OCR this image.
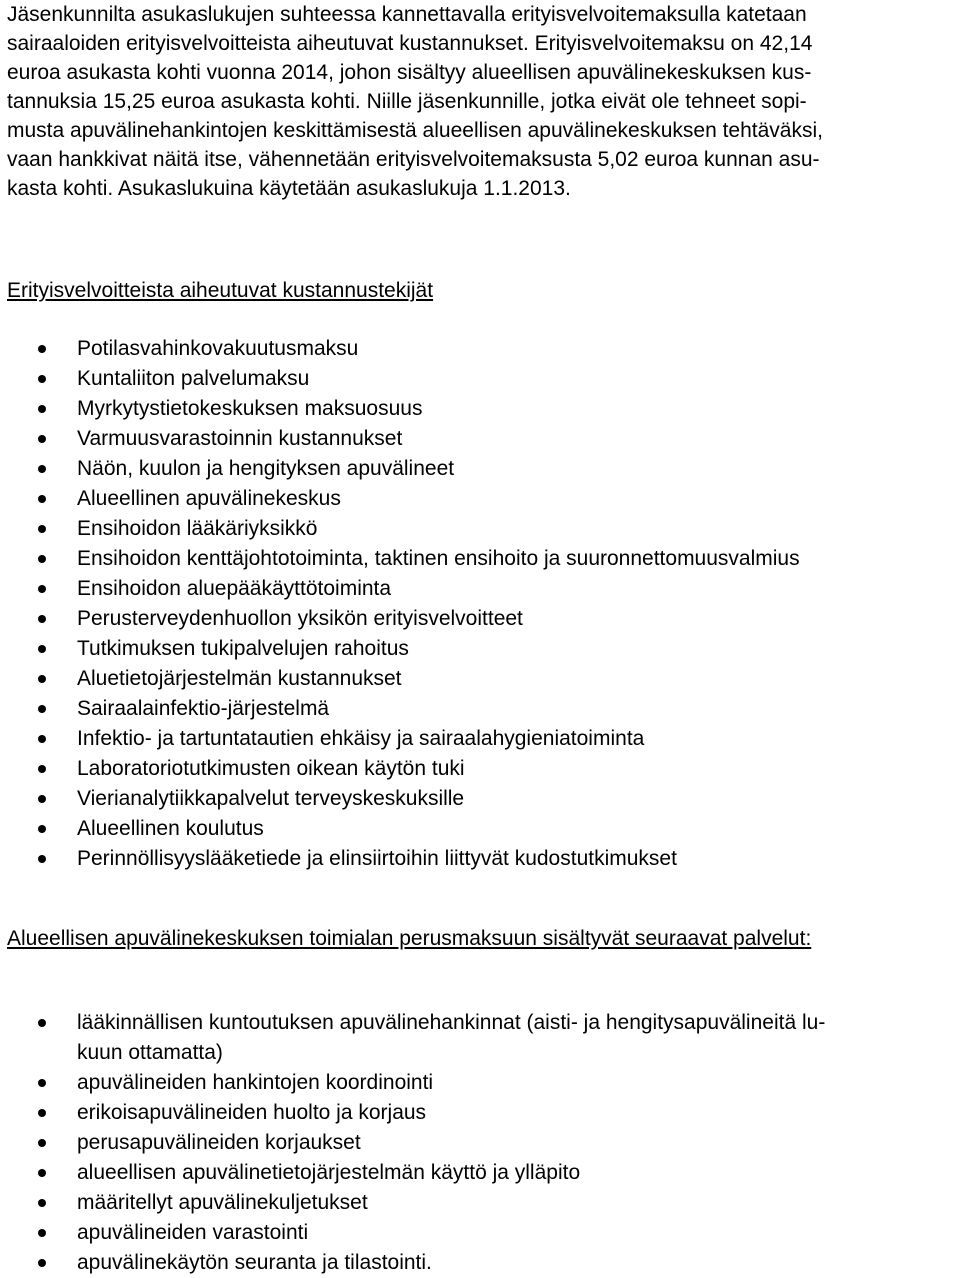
Jäsenkunnilta asukaslukujen suhteessa kannettavalla erityisvelvoitemaksulla katetaan
sairaaloiden erityisvelvoitteista aiheutuvat kustannukset. Erityisvelvoitemaksu on 42,14
euroa asukasta kohti vuonna 2014, johon sisältyy alueellisen apuvälinekeskuksen kus-
tannuksia 15,25 euroa asukasta kohti. Niille jäsenkunnille, jotka eivät ole tehneet sopi-
musta apuvälinehankintojen keskittämisestä alueellisen apuvälinekeskuksen tehtäväksi,
vaan hankkivat näitä itse, vähennetään erityisvelvoitemaksusta 5,02 euroa kunnan asu-
kasta kohti. Asukaslukuina käytetään asukaslukuja 1.1.2013.

Erityisvelvoitteista aiheutuvat kustannustekijät
Potilasvahinkovakuutusmaksu
Kuntaliiton palvelumaksu
Myrkytystietokeskuksen maksuosuus
Varmuusvarastoinnin kustannukset
Näön, kuulon ja hengityksen apuvälineet
Alueellinen apuvälinekeskus
Ensihoidon lääkäriyksikkö
Ensihoidon kenttäjohtotoiminta, taktinen ensihoito ja suuronnettomuusvalmius
Ensihoidon aluepääkäyttötoiminta
Perusterveydenhuollon yksikön erityisvelvoitteet
Tutkimuksen tukipalvelujen rahoitus
Aluetietojärjestelmän kustannukset
Sairaalainfektio-järjestelmä
Infektio- ja tartuntatautien ehkäisy ja sairaalahygieniatoiminta
Laboratoriotutkimusten oikean käytön tuki
Vierianalytiikkapalvelut terveyskeskuksille
Alueellinen koulutus
Perinnöllisyyslääketiede ja elinsiirtoihin liittyvät kudostutkimukset
Alueellisen apuvälinekeskuksen toimialan perusmaksuun sisältyvät seuraavat palvelut:
lääkinnällisen kuntoutuksen apuvälinehankinnat (aisti- ja hengitysapuvälineitä lu-
kuun ottamatta)
apuvälineiden hankintojen koordinointi
erikoisapuvälineiden huolto ja korjaus
perusapuvälineiden korjaukset
alueellisen apuvälinetietojärjestelmän käyttö ja ylläpito
määritellyt apuvälinekuljetukset
apuvälineiden varastointi
apuvälinekäytön seuranta ja tilastointi.
